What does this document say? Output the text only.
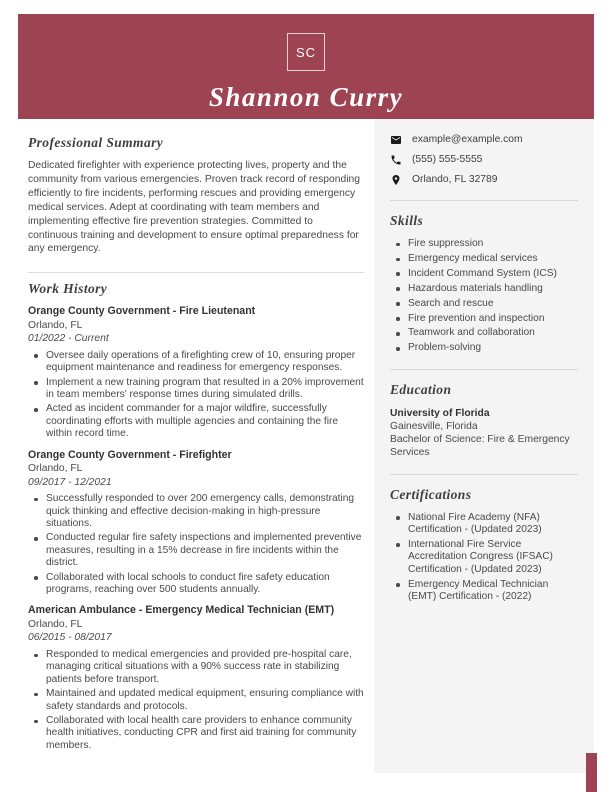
SC
Shannon Curry
Professional Summary

Dedicated firefighter with experience protecting lives, property and the community from various emergencies. Proven track record of responding efficiently to fire incidents, performing rescues and providing emergency medical services. Adept at coordinating with team members and implementing effective fire prevention strategies. Committed to continuous training and development to ensure optimal preparedness for any emergency.

Work History
Orange County Government - Fire Lieutenant
Orlando, FL
01/2022 - Current
Oversee daily operations of a firefighting crew of 10, ensuring proper equipment maintenance and readiness for emergency responses.
Implement a new training program that resulted in a 20% improvement in team members' response times during simulated drills.
Acted as incident commander for a major wildfire, successfully coordinating efforts with multiple agencies and containing the fire within record time.
Orange County Government - Firefighter
Orlando, FL
09/2017 - 12/2021
Successfully responded to over 200 emergency calls, demonstrating quick thinking and effective decision-making in high-pressure situations.
Conducted regular fire safety inspections and implemented preventive measures, resulting in a 15% decrease in fire incidents within the district.
Collaborated with local schools to conduct fire safety education programs, reaching over 500 students annually.
American Ambulance - Emergency Medical Technician (EMT)
Orlando, FL
06/2015 - 08/2017
Responded to medical emergencies and provided pre-hospital care, managing critical situations with a 90% success rate in stabilizing patients before transport.
Maintained and updated medical equipment, ensuring compliance with safety standards and protocols.
Collaborated with local health care providers to enhance community health initiatives, conducting CPR and first aid training for community members.
example@example.com
(555) 555-5555
Orlando, FL 32789
Skills
Fire suppression
Emergency medical services
Incident Command System (ICS)
Hazardous materials handling
Search and rescue
Fire prevention and inspection
Teamwork and collaboration
Problem-solving
Education
University of Florida
Gainesville, Florida
Bachelor of Science: Fire & Emergency Services
Certifications
National Fire Academy (NFA) Certification - (Updated 2023)
International Fire Service Accreditation Congress (IFSAC) Certification - (Updated 2023)
Emergency Medical Technician (EMT) Certification - (2022)
